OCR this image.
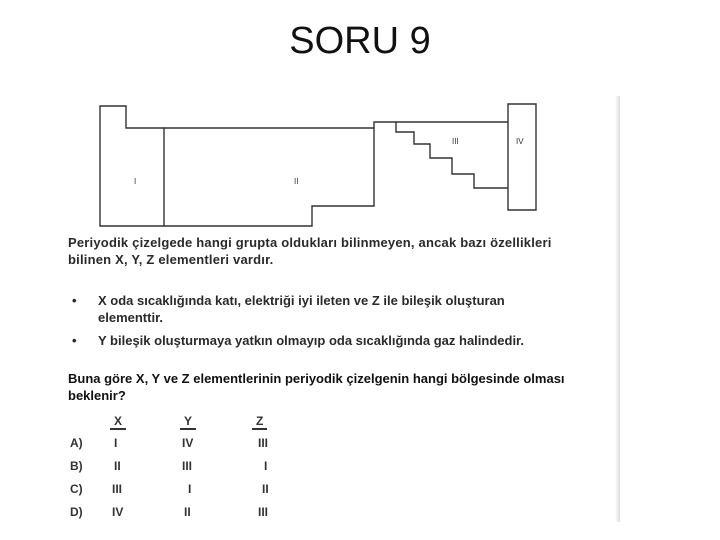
SORU 9
I	II
III	IV
Periyodik çizelgede hangi grupta oldukları bilinmeyen, ancak bazı özellikleri bilinen X, Y, Z elementleri vardır.
• X oda sıcaklığında katı, elektriği iyi ileten ve Z ile bileşik oluşturan elementtir.
• Y bileşik oluşturmaya yatkın olmayıp oda sıcaklığında gaz halindedir.
Buna göre X, Y ve Z elementlerinin periyodik çizelgenin hangi bölgesinde olması beklenir?
X	Y	Z
A)	I	IV	III
B)	II	III	I
C) III	I	II
D) IV	II	III
